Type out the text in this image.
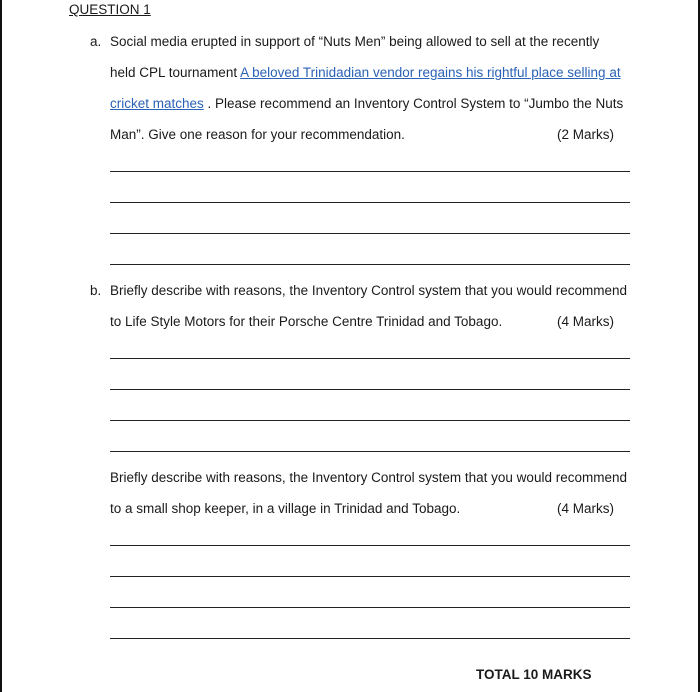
QUESTION 1
a. Social media erupted in support of “Nuts Men” being allowed to sell at the recently
held CPL tournament A beloved Trinidadian vendor regains his rightful place selling at
cricket matches . Please recommend an Inventory Control System to “Jumbo the Nuts
Man”. Give one reason for your recommendation.	(2 Marks)
b. Briefly describe with reasons, the Inventory Control system that you would recommend
to Life Style Motors for their Porsche Centre Trinidad and Tobago.	(4 Marks)
Briefly describe with reasons, the Inventory Control system that you would recommend
to a small shop keeper, in a village in Trinidad and Tobago.	(4 Marks)
TOTAL 10 MARKS
